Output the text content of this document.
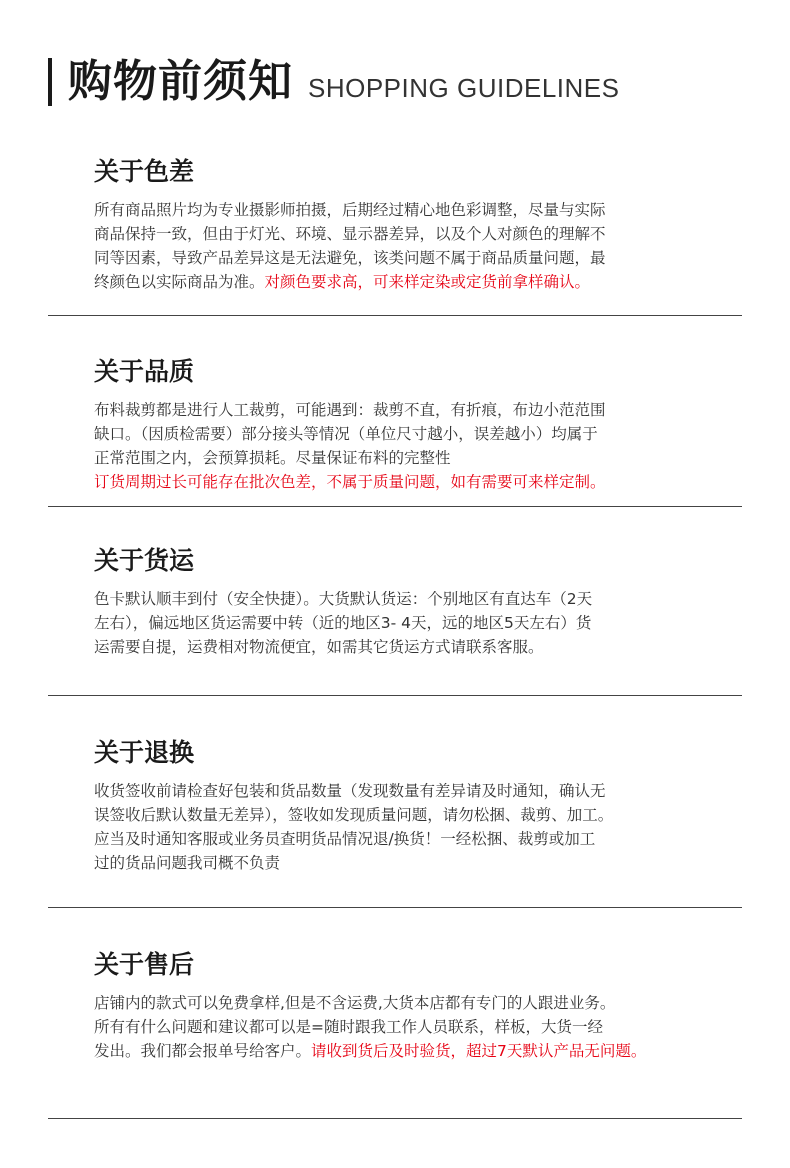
购物前须知 SHOPPING GUIDELINES
关于色差

所有商品照片均为专业摄影师拍摄，后期经过精心地色彩调整，尽量与实际
商品保持一致，但由于灯光、环境、显示器差异，以及个人对颜色的理解不
同等因素，导致产品差异这是无法避免，该类问题不属于商品质量问题，最
终颜色以实际商品为准。对颜色要求高，可来样定染或定货前拿样确认。

关于品质

布料裁剪都是进行人工裁剪，可能遇到：裁剪不直，有折痕，布边小范范围
缺口。（因质检需要）部分接头等情况（单位尺寸越小，误差越小）均属于
正常范围之内，会预算损耗。尽量保证布料的完整性
订货周期过长可能存在批次色差，不属于质量问题，如有需要可来样定制。

关于货运

色卡默认顺丰到付（安全快捷）。大货默认货运：个别地区有直达车（2天
左右），偏远地区货运需要中转（近的地区3- 4天，远的地区5天左右）货
运需要自提，运费相对物流便宜，如需其它货运方式请联系客服。

关于退换

收货签收前请检查好包装和货品数量（发现数量有差异请及时通知，确认无
误签收后默认数量无差异），签收如发现质量问题，请勿松捆、裁剪、加工。
应当及时通知客服或业务员查明货品情况退/换货！一经松捆、裁剪或加工
过的货品问题我司概不负责

关于售后

店铺内的款式可以免费拿样,但是不含运费,大货本店都有专门的人跟进业务。
所有有什么问题和建议都可以是=随时跟我工作人员联系，样板，大货一经
发出。我们都会报单号给客户。请收到货后及时验货，超过7天默认产品无问题。
